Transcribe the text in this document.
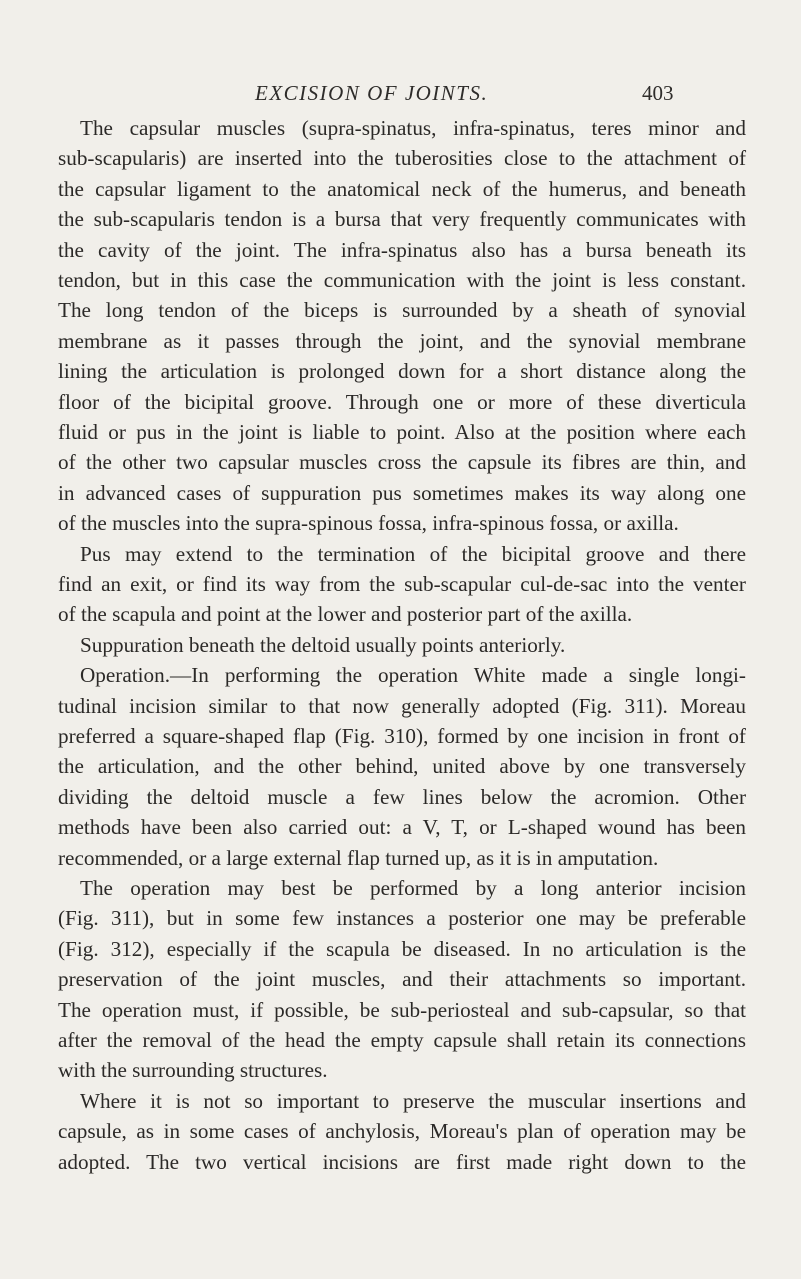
EXCISION OF JOINTS.	403
The capsular muscles (supra-spinatus, infra-spinatus, teres minor and
sub-scapularis) are inserted into the tuberosities close to the attachment of
the capsular ligament to the anatomical neck of the humerus, and beneath
the sub-scapularis tendon is a bursa that very frequently communicates with
the cavity of the joint. The infra-spinatus also has a bursa beneath its
tendon, but in this case the communication with the joint is less constant.
The long tendon of the biceps is surrounded by a sheath of synovial
membrane as it passes through the joint, and the synovial membrane
lining the articulation is prolonged down for a short distance along the
floor of the bicipital groove. Through one or more of these diverticula
fluid or pus in the joint is liable to point. Also at the position where each
of the other two capsular muscles cross the capsule its fibres are thin, and
in advanced cases of suppuration pus sometimes makes its way along one
of the muscles into the supra-spinous fossa, infra-spinous fossa, or axilla.
Pus may extend to the termination of the bicipital groove and there
find an exit, or find its way from the sub-scapular cul-de-sac into the venter
of the scapula and point at the lower and posterior part of the axilla.
Suppuration beneath the deltoid usually points anteriorly.
Operation.—In performing the operation White made a single longi-
tudinal incision similar to that now generally adopted (Fig. 311). Moreau
preferred a square-shaped flap (Fig. 310), formed by one incision in front of
the articulation, and the other behind, united above by one transversely
dividing the deltoid muscle a few lines below the acromion. Other
methods have been also carried out: a V, T, or L-shaped wound has been
recommended, or a large external flap turned up, as it is in amputation.
The operation may best be performed by a long anterior incision
(Fig. 311), but in some few instances a posterior one may be preferable
(Fig. 312), especially if the scapula be diseased. In no articulation is the
preservation of the joint muscles, and their attachments so important.
The operation must, if possible, be sub-periosteal and sub-capsular, so that
after the removal of the head the empty capsule shall retain its connections
with the surrounding structures.
Where it is not so important to preserve the muscular insertions and
capsule, as in some cases of anchylosis, Moreau's plan of operation may be
adopted. The two vertical incisions are first made right down to the
